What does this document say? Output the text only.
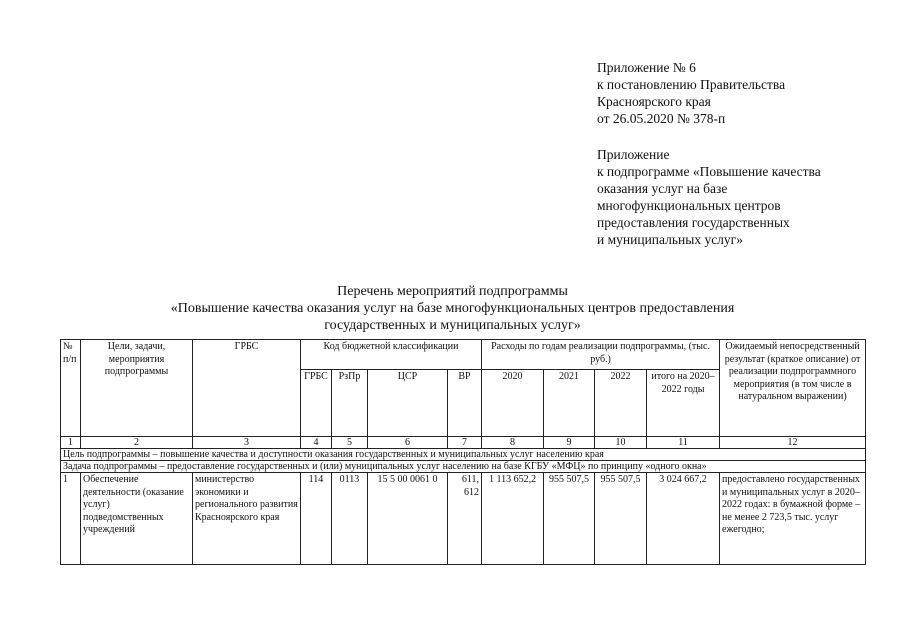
Приложение № 6
к постановлению Правительства
Красноярского края
от 26.05.2020 № 378-п
Приложение
к подпрограмме «Повышение качества
оказания услуг на базе
многофункциональных центров
предоставления государственных
и муниципальных услуг»
Перечень мероприятий подпрограммы
«Повышение качества оказания услуг на базе многофункциональных центров предоставления
государственных и муниципальных услуг»
№ п/п	Цели, задачи, мероприятия подпрограммы	ГРБС	Код бюджетной классификации				Расходы по годам реализации подпрограммы, (тыс. руб.)				Ожидаемый непосредственный результат (краткое описание) от реализации подпрограммного мероприятия (в том числе в натуральном выражении)
			ГРБС	РзПр	ЦСР	ВР	2020	2021	2022	итого на 2020–2022 годы	
1	2	3	4	5	6	7	8	9	10	11	12
Цель подпрограммы – повышение качества и доступности оказания государственных и муниципальных услуг населению края											
Задача подпрограммы – предоставление государственных и (или) муниципальных услуг населению на базе КГБУ «МФЦ» по принципу «одного окна»											
1	Обеспечение деятельности (оказание услуг) подведомственных учреждений	министерство экономики и регионального развития Красноярского края	114	0113	15 5 00 0061 0	611, 612	1 113 652,2	955 507,5	955 507,5	3 024 667,2	предоставлено государственных и муниципальных услуг в 2020–2022 годах: в бумажной форме – не менее 2 723,5 тыс. услуг ежегодно;
